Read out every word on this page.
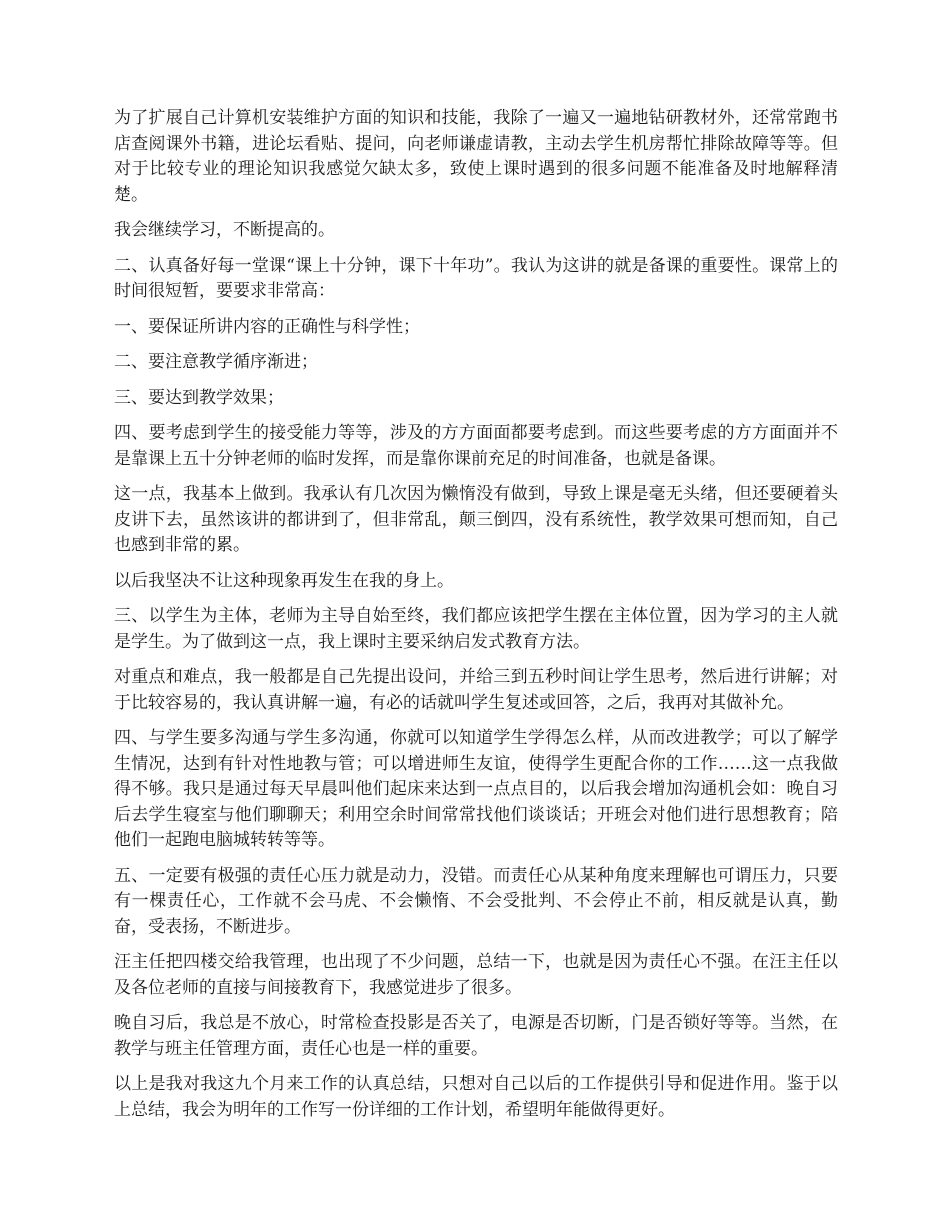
为了扩展自己计算机安装维护方面的知识和技能，我除了一遍又一遍地钻研教材外，还常常跑书店查阅课外书籍，进论坛看贴、提问，向老师谦虚请教，主动去学生机房帮忙排除故障等等。但对于比较专业的理论知识我感觉欠缺太多，致使上课时遇到的很多问题不能准备及时地解释清楚。

我会继续学习，不断提高的。

二、认真备好每一堂课“课上十分钟，课下十年功”。我认为这讲的就是备课的重要性。课常上的时间很短暂，要要求非常高：

一、要保证所讲内容的正确性与科学性；

二、要注意教学循序渐进；

三、要达到教学效果；

四、要考虑到学生的接受能力等等，涉及的方方面面都要考虑到。而这些要考虑的方方面面并不是靠课上五十分钟老师的临时发挥，而是靠你课前充足的时间准备，也就是备课。

这一点，我基本上做到。我承认有几次因为懒惰没有做到，导致上课是毫无头绪，但还要硬着头皮讲下去，虽然该讲的都讲到了，但非常乱，颠三倒四，没有系统性，教学效果可想而知，自己也感到非常的累。

以后我坚决不让这种现象再发生在我的身上。

三、以学生为主体，老师为主导自始至终，我们都应该把学生摆在主体位置，因为学习的主人就是学生。为了做到这一点，我上课时主要采纳启发式教育方法。

对重点和难点，我一般都是自己先提出设问，并给三到五秒时间让学生思考，然后进行讲解；对于比较容易的，我认真讲解一遍，有必的话就叫学生复述或回答，之后，我再对其做补允。

四、与学生要多沟通与学生多沟通，你就可以知道学生学得怎么样，从而改进教学；可以了解学生情况，达到有针对性地教与管；可以增进师生友谊，使得学生更配合你的工作……这一点我做得不够。我只是通过每天早晨叫他们起床来达到一点点目的，以后我会增加沟通机会如：晚自习后去学生寝室与他们聊聊天；利用空余时间常常找他们谈谈话；开班会对他们进行思想教育；陪他们一起跑电脑城转转等等。

五、一定要有极强的责任心压力就是动力，没错。而责任心从某种角度来理解也可谓压力，只要有一棵责任心，工作就不会马虎、不会懒惰、不会受批判、不会停止不前，相反就是认真，勤奋，受表扬，不断进步。

汪主任把四楼交给我管理，也出现了不少问题，总结一下，也就是因为责任心不强。在汪主任以及各位老师的直接与间接教育下，我感觉进步了很多。

晚自习后，我总是不放心，时常检查投影是否关了，电源是否切断，门是否锁好等等。当然，在教学与班主任管理方面，责任心也是一样的重要。

以上是我对我这九个月来工作的认真总结，只想对自己以后的工作提供引导和促进作用。鉴于以上总结，我会为明年的工作写一份详细的工作计划，希望明年能做得更好。
